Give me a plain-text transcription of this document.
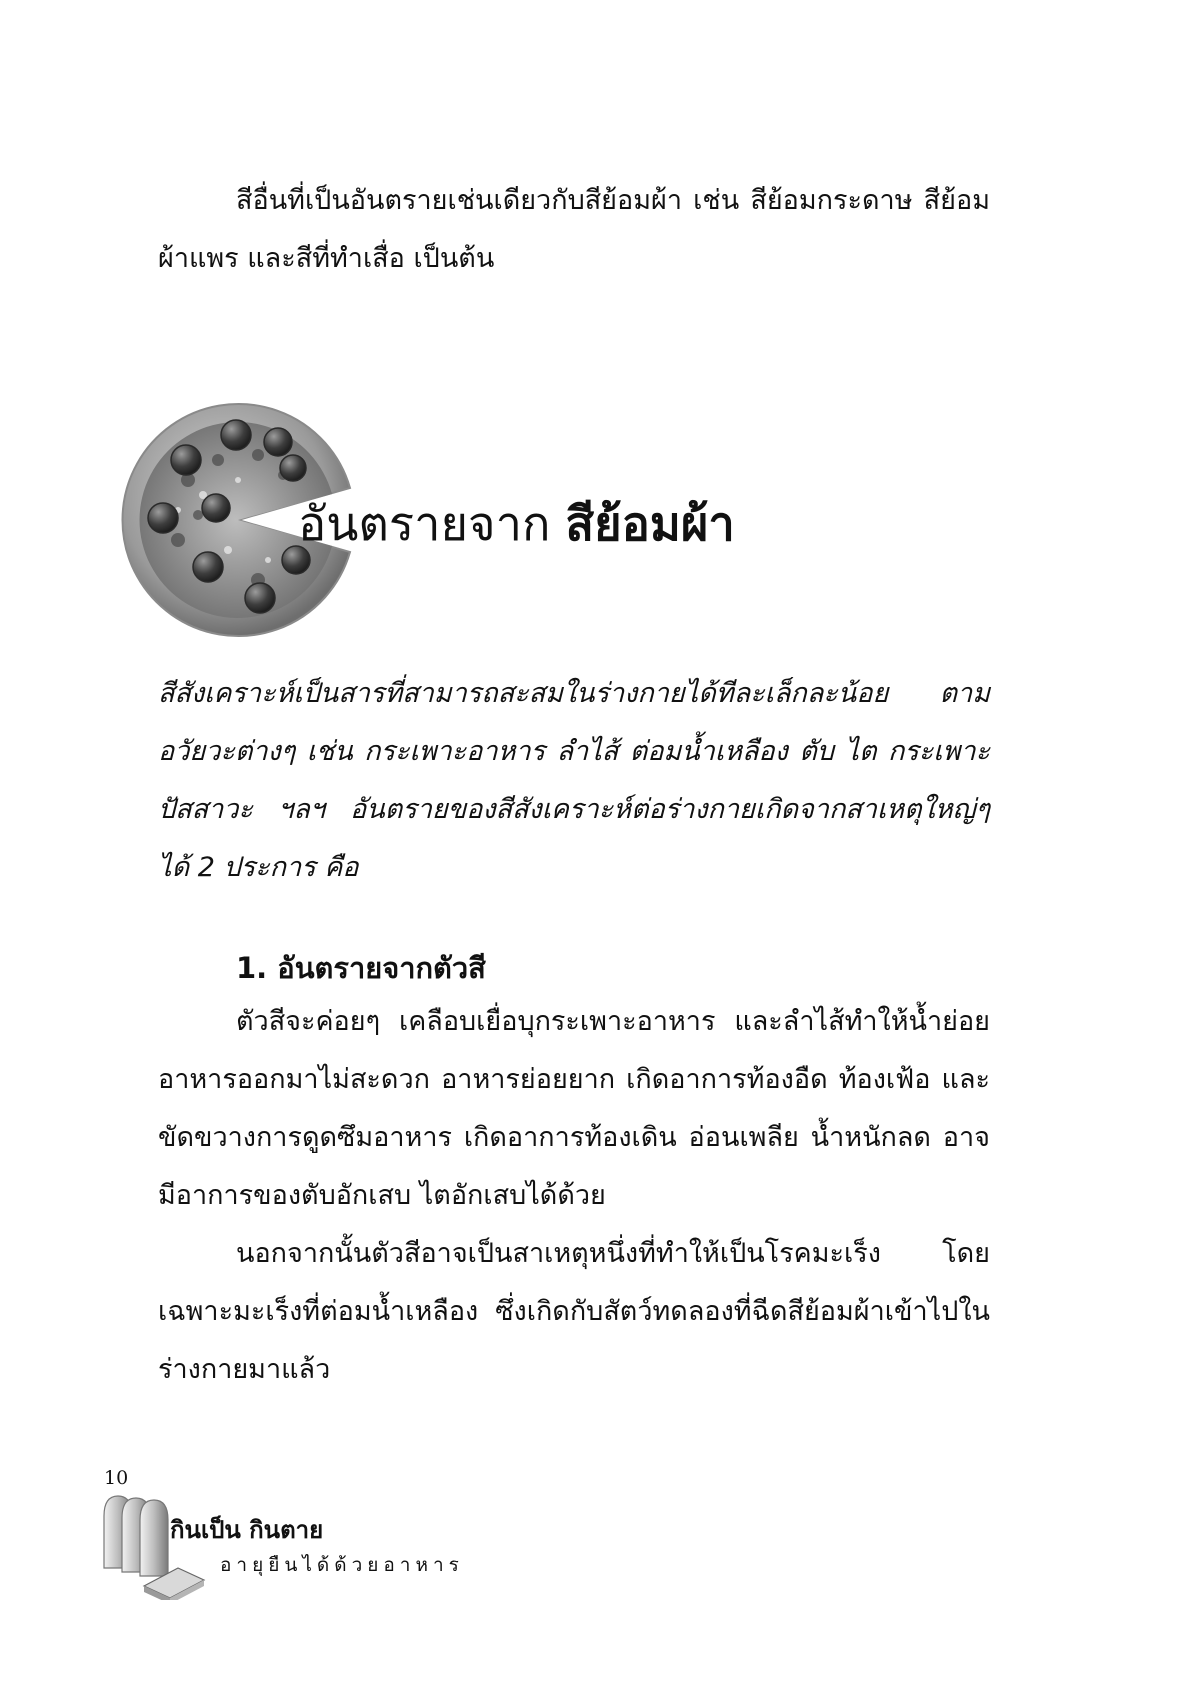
สีอื่นที่เป็นอันตรายเช่นเดียวกับสีย้อมผ้า เช่น สีย้อมกระดาษ สีย้อมผ้าแพร และสีที่ทำเสื่อ เป็นต้น

อันตรายจาก สีย้อมผ้า

สีสังเคราะห์เป็นสารที่สามารถสะสมในร่างกายได้ทีละเล็กละน้อย ตามอวัยวะต่างๆ เช่น กระเพาะอาหาร ลำไส้ ต่อมน้ำเหลือง ตับ ไต กระเพาะปัสสาวะ ฯลฯ อันตรายของสีสังเคราะห์ต่อร่างกายเกิดจากสาเหตุใหญ่ๆ ได้ 2 ประการ คือ

1. อันตรายจากตัวสี

ตัวสีจะค่อยๆ เคลือบเยื่อบุกระเพาะอาหาร และลำไส้ทำให้น้ำย่อยอาหารออกมาไม่สะดวก อาหารย่อยยาก เกิดอาการท้องอืด ท้องเฟ้อ และขัดขวางการดูดซึมอาหาร เกิดอาการท้องเดิน อ่อนเพลีย น้ำหนักลด อาจมีอาการของตับอักเสบ ไตอักเสบได้ด้วย

นอกจากนั้นตัวสีอาจเป็นสาเหตุหนึ่งที่ทำให้เป็นโรคมะเร็ง โดยเฉพาะมะเร็งที่ต่อมน้ำเหลือง ซึ่งเกิดกับสัตว์ทดลองที่ฉีดสีย้อมผ้าเข้าไปในร่างกายมาแล้ว

10
กินเป็น กินตาย
อายุยืนได้ด้วยอาหาร
